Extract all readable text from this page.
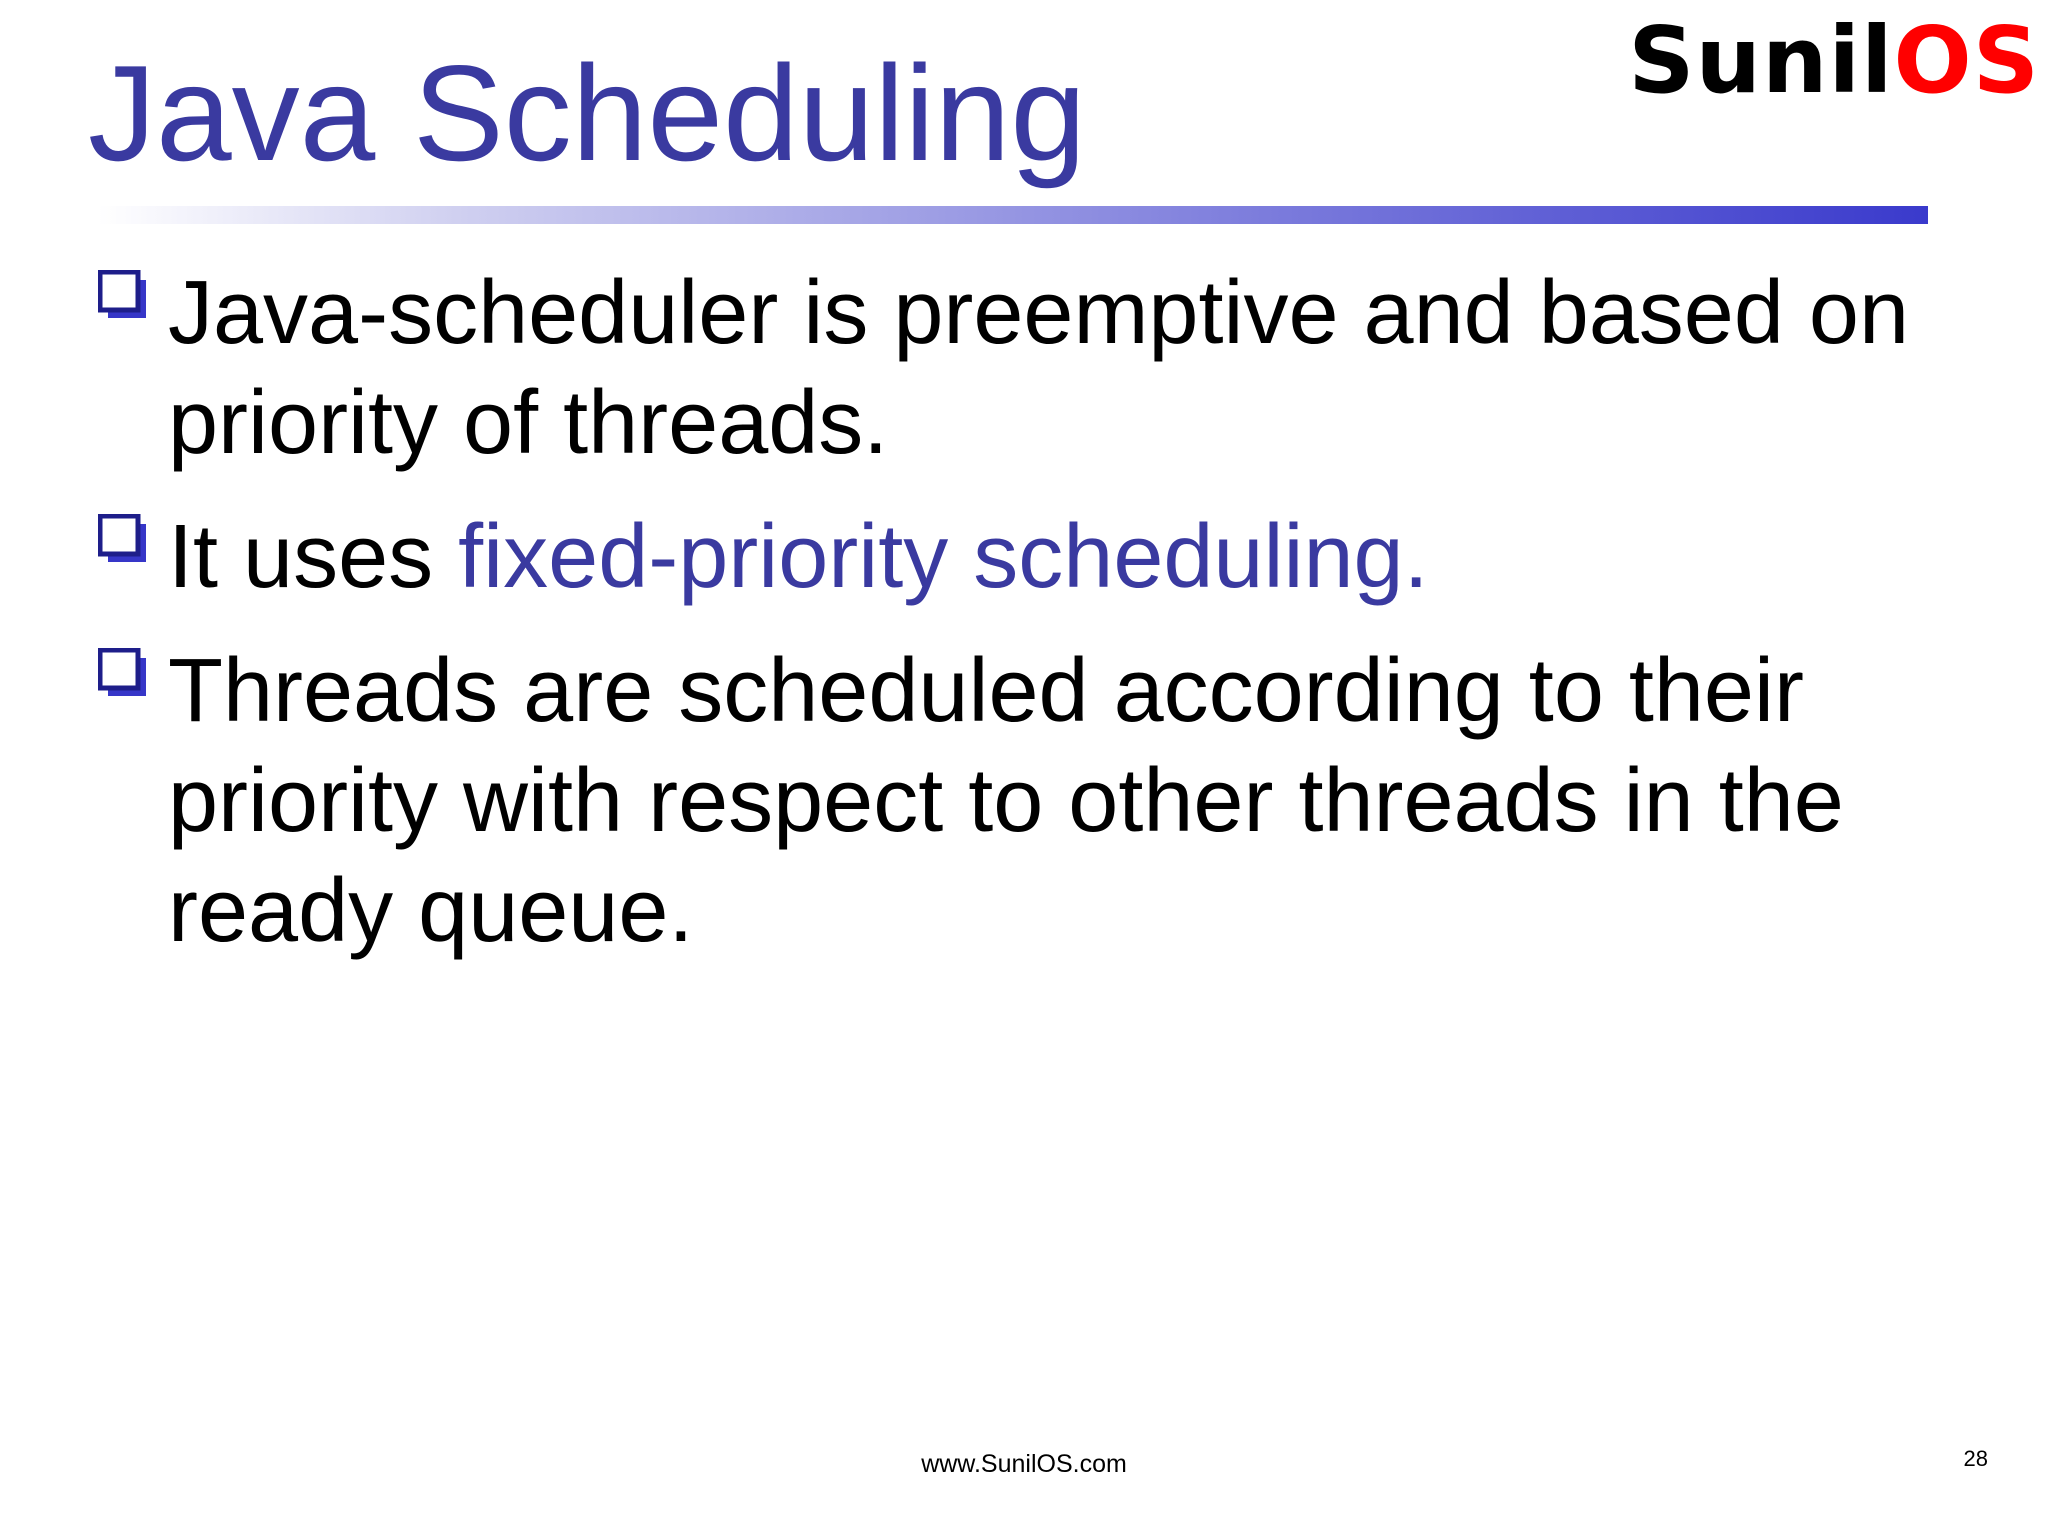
Java Scheduling	SunilOS
Java-scheduler is preemptive and based on priority of threads.
It uses fixed-priority scheduling.
Threads are scheduled according to their priority with respect to other threads in the ready queue.
www.SunilOS.com	28
